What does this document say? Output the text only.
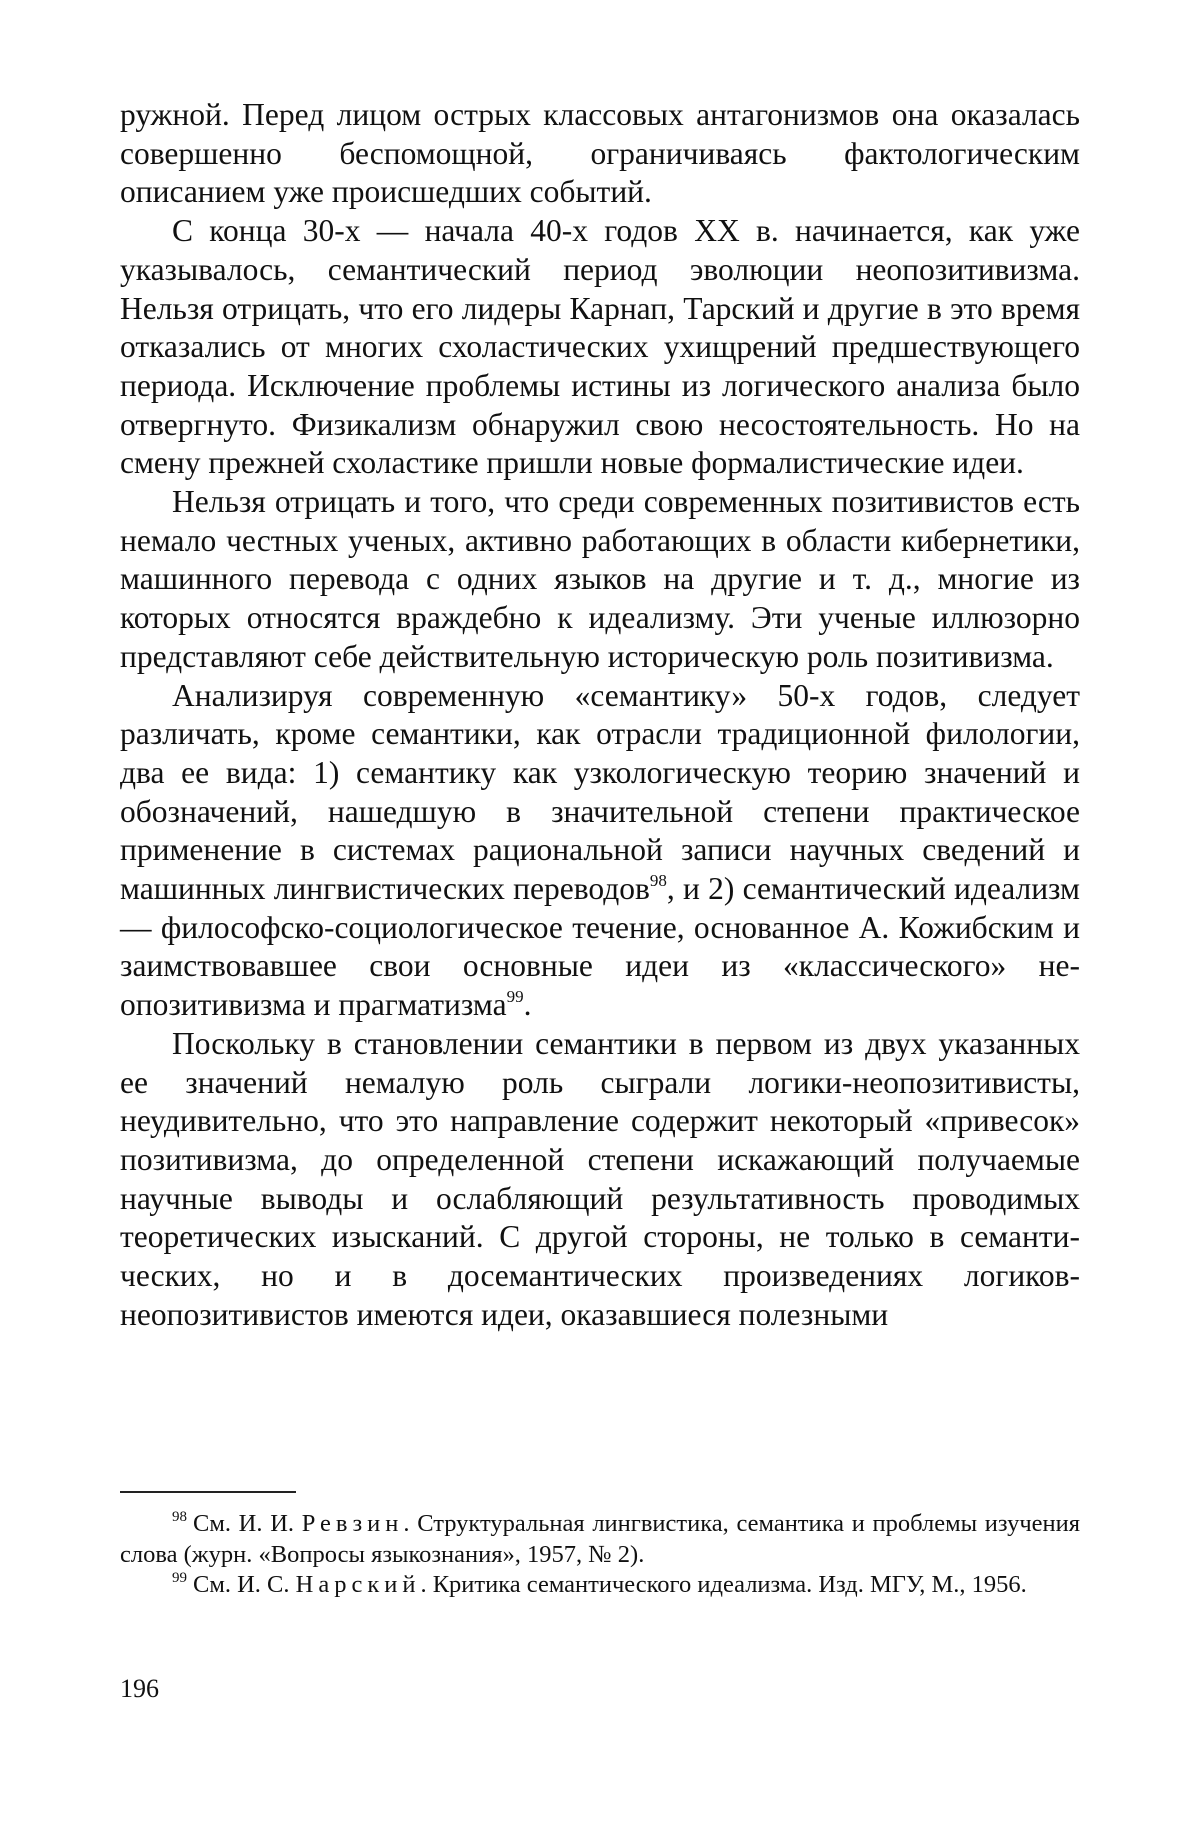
ружной. Перед лицом острых классовых антагонизмов она оказалась совершенно беспомощной, ограничиваясь фактологическим описанием уже происшедших событий.

С конца 30-х — начала 40-х годов XX в. начинается, как уже указывалось, семантический период эволюции неопозитивизма. Нельзя отрицать, что его лидеры Карнап, Тарский и другие в это время отказались от многих схоластических ухищрений предшествующего периода. Исключение проблемы истины из логического анализа было отвергнуто. Физикализм обнаружил свою несостоятельность. Но на смену прежней схоластике пришли новые формалистические идеи.

Нельзя отрицать и того, что среди современных позитивистов есть немало честных ученых, активно работающих в области кибернетики, машинного перевода с одних языков на другие и т. д., многие из которых относятся враждебно к идеализму. Эти ученые иллюзорно представляют себе действительную историческую роль позитивизма.

Анализируя современную «семантику» 50-х годов, следует различать, кроме семантики, как отрасли традиционной филологии, два ее вида: 1) семантику как узкологическую теорию значений и обозначений, нашедшую в значительной степени практическое применение в системах рациональной записи научных сведений и машинных лингвистических переводов$^{98}$, и 2) семантический идеализм — философско-социологическое течение, основанное А. Кожибским и заимствовавшее свои основные идеи из «классического» неопозитивизма и прагматизма$^{99}$.

Поскольку в становлении семантики в первом из двух указанных ее значений немалую роль сыграли логики-неопозитивисты, неудивительно, что это направление содержит некоторый «привесок» позитивизма, до определенной степени искажающий получаемые научные выводы и ослабляющий результативность проводимых теоретических изысканий. С другой стороны, не только в семантических, но и в досемантических произведениях логиков-неопозитивистов имеются идеи, оказавшиеся полезными

$^{98}$ См. И. И. Ревзин. Структуральная лингвистика, семантика и проблемы изучения слова (журн. «Вопросы языкознания», 1957, № 2).

$^{99}$ См. И. С. Нарский. Критика семантического идеализма. Изд. МГУ, М., 1956.

196
